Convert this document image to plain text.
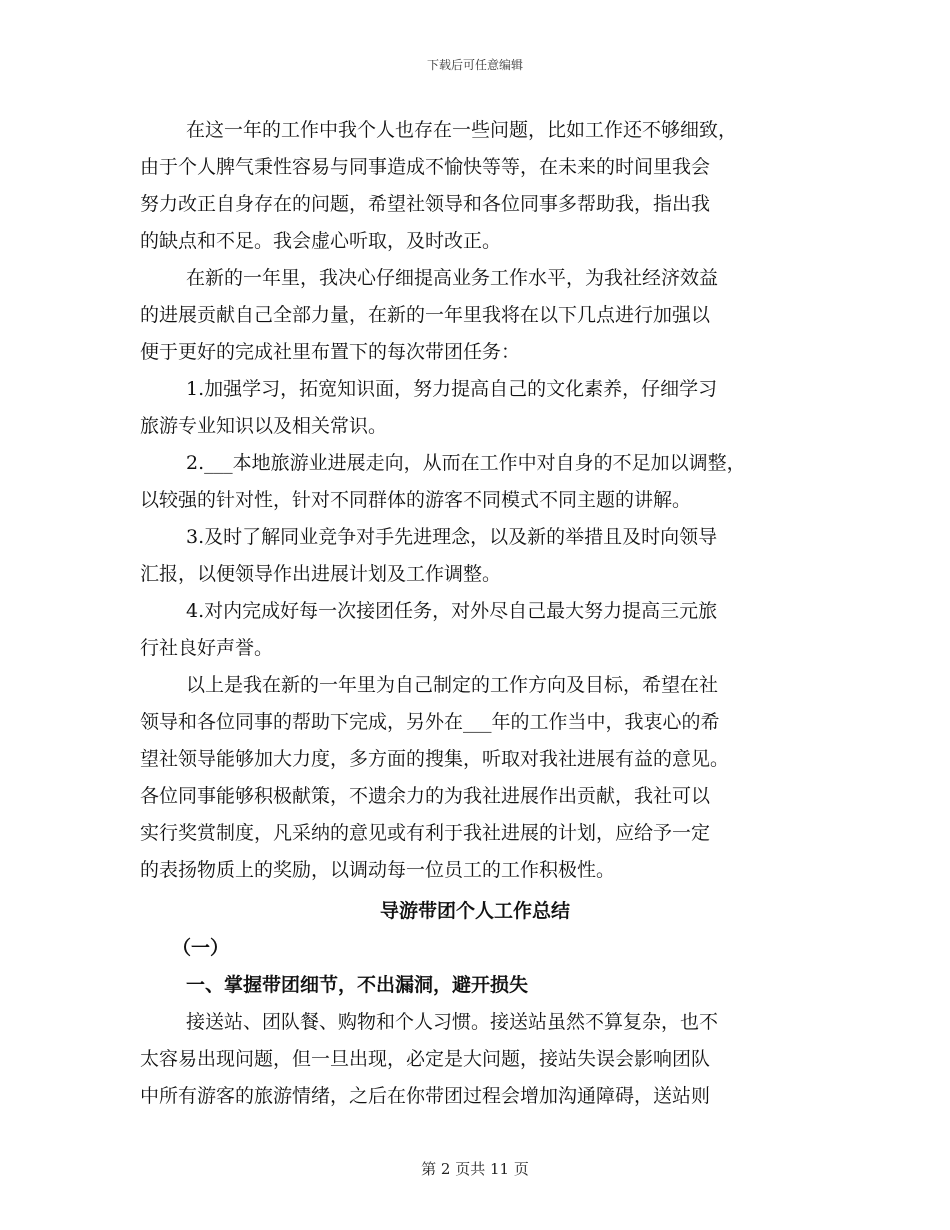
下载后可任意编辑
在这一年的工作中我个人也存在一些问题，比如工作还不够细致，
由于个人脾气秉性容易与同事造成不愉快等等，在未来的时间里我会
努力改正自身存在的问题，希望社领导和各位同事多帮助我，指出我
的缺点和不足。我会虚心听取，及时改正。
在新的一年里，我决心仔细提高业务工作水平，为我社经济效益
的进展贡献自己全部力量，在新的一年里我将在以下几点进行加强以
便于更好的完成社里布置下的每次带团任务：
1.加强学习，拓宽知识面，努力提高自己的文化素养，仔细学习
旅游专业知识以及相关常识。
2.___本地旅游业进展走向，从而在工作中对自身的不足加以调整，
以较强的针对性，针对不同群体的游客不同模式不同主题的讲解。
3.及时了解同业竞争对手先进理念，以及新的举措且及时向领导
汇报，以便领导作出进展计划及工作调整。
4.对内完成好每一次接团任务，对外尽自己最大努力提高三元旅
行社良好声誉。
以上是我在新的一年里为自己制定的工作方向及目标，希望在社
领导和各位同事的帮助下完成，另外在___年的工作当中，我衷心的希
望社领导能够加大力度，多方面的搜集，听取对我社进展有益的意见。
各位同事能够积极献策，不遗余力的为我社进展作出贡献，我社可以
实行奖赏制度，凡采纳的意见或有利于我社进展的计划，应给予一定
的表扬物质上的奖励，以调动每一位员工的工作积极性。
导游带团个人工作总结
（一）
一、掌握带团细节，不出漏洞，避开损失
接送站、团队餐、购物和个人习惯。接送站虽然不算复杂，也不
太容易出现问题，但一旦出现，必定是大问题，接站失误会影响团队
中所有游客的旅游情绪，之后在你带团过程会增加沟通障碍，送站则
第 2 页共 11 页
